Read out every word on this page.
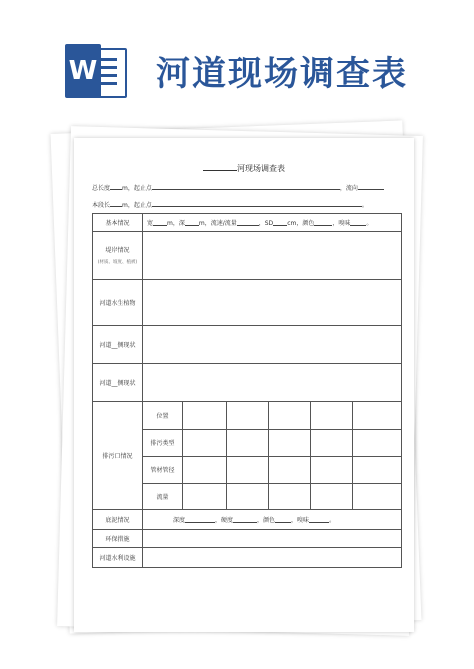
W 河道现场调查表
河现场调查表
总长度 m，起止点	，流向
本段长 m，起止点	。
基本情况	宽 m，深 m，流速/流量	，SD cm，颜色	，嗅味	。
堤岸情况
(材质、坡度、植被)
河道水生植物
河道__侧现状
河道__侧现状
排污口情况
位置
排污类型
管材管径
流量
底泥情况	深度	，硬度	，颜色	，嗅味	。
环保措施
河道水利设施
